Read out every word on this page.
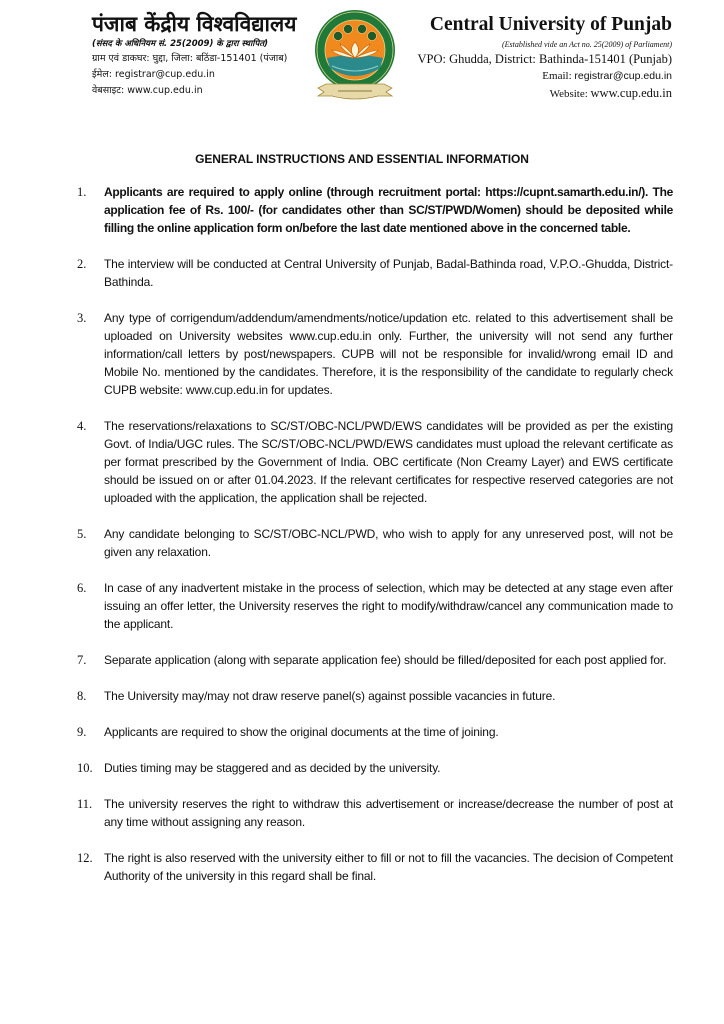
पंजाब केंद्रीय विश्वविद्यालय
(संसद के अधिनियम सं. 25(2009) के द्वारा स्थापित)
ग्राम एवं डाकघर: घुद्दा, जिला: बठिंडा-151401 (पंजाब)
ईमेल: registrar@cup.edu.in
वेबसाइट: www.cup.edu.in
Central University of Punjab
(Established vide an Act no. 25(2009) of Parliament)
VPO: Ghudda, District: Bathinda-151401 (Punjab)
Email: registrar@cup.edu.in
Website: www.cup.edu.in
GENERAL INSTRUCTIONS AND ESSENTIAL INFORMATION
1. Applicants are required to apply online (through recruitment portal: https://cupnt.samarth.edu.in/). The application fee of Rs. 100/- (for candidates other than SC/ST/PWD/Women) should be deposited while filling the online application form on/before the last date mentioned above in the concerned table.
2. The interview will be conducted at Central University of Punjab, Badal-Bathinda road, V.P.O.-Ghudda, District-Bathinda.
3. Any type of corrigendum/addendum/amendments/notice/updation etc. related to this advertisement shall be uploaded on University websites www.cup.edu.in only. Further, the university will not send any further information/call letters by post/newspapers. CUPB will not be responsible for invalid/wrong email ID and Mobile No. mentioned by the candidates. Therefore, it is the responsibility of the candidate to regularly check CUPB website: www.cup.edu.in for updates.
4. The reservations/relaxations to SC/ST/OBC-NCL/PWD/EWS candidates will be provided as per the existing Govt. of India/UGC rules. The SC/ST/OBC-NCL/PWD/EWS candidates must upload the relevant certificate as per format prescribed by the Government of India. OBC certificate (Non Creamy Layer) and EWS certificate should be issued on or after 01.04.2023. If the relevant certificates for respective reserved categories are not uploaded with the application, the application shall be rejected.
5. Any candidate belonging to SC/ST/OBC-NCL/PWD, who wish to apply for any unreserved post, will not be given any relaxation.
6. In case of any inadvertent mistake in the process of selection, which may be detected at any stage even after issuing an offer letter, the University reserves the right to modify/withdraw/cancel any communication made to the applicant.
7. Separate application (along with separate application fee) should be filled/deposited for each post applied for.
8. The University may/may not draw reserve panel(s) against possible vacancies in future.
9. Applicants are required to show the original documents at the time of joining.
10. Duties timing may be staggered and as decided by the university.
11. The university reserves the right to withdraw this advertisement or increase/decrease the number of post at any time without assigning any reason.
12. The right is also reserved with the university either to fill or not to fill the vacancies. The decision of Competent Authority of the university in this regard shall be final.
